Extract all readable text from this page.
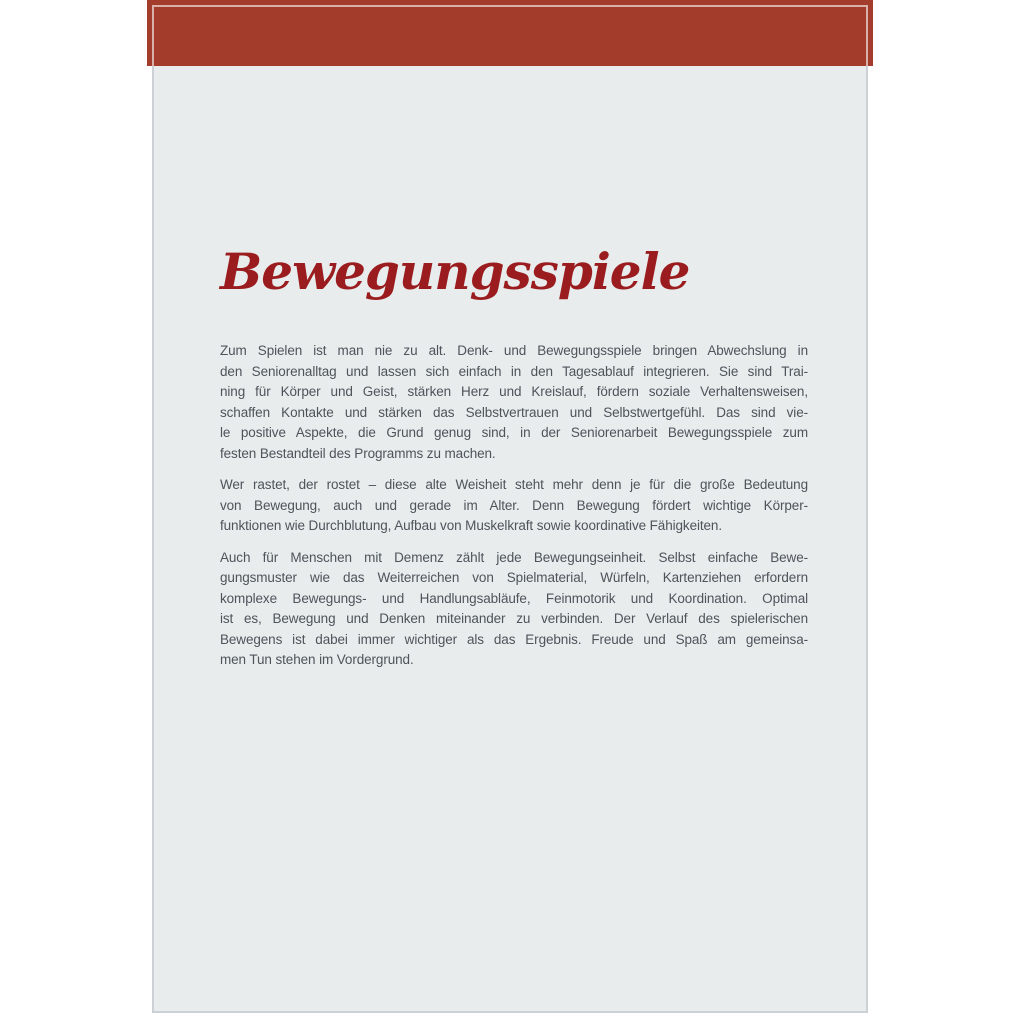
Bewegungsspiele

Zum Spielen ist man nie zu alt. Denk- und Bewegungsspiele bringen Abwechslung in
den Seniorenalltag und lassen sich einfach in den Tagesablauf integrieren. Sie sind Trai-
ning für Körper und Geist, stärken Herz und Kreislauf, fördern soziale Verhaltensweisen,
schaffen Kontakte und stärken das Selbstvertrauen und Selbstwertgefühl. Das sind vie-
le positive Aspekte, die Grund genug sind, in der Seniorenarbeit Bewegungsspiele zum
festen Bestandteil des Programms zu machen.

Wer rastet, der rostet – diese alte Weisheit steht mehr denn je für die große Bedeutung
von Bewegung, auch und gerade im Alter. Denn Bewegung fördert wichtige Körper-
funktionen wie Durchblutung, Aufbau von Muskelkraft sowie koordinative Fähigkeiten.

Auch für Menschen mit Demenz zählt jede Bewegungseinheit. Selbst einfache Bewe-
gungsmuster wie das Weiterreichen von Spielmaterial, Würfeln, Kartenziehen erfordern
komplexe Bewegungs- und Handlungsabläufe, Feinmotorik und Koordination. Optimal
ist es, Bewegung und Denken miteinander zu verbinden. Der Verlauf des spielerischen
Bewegens ist dabei immer wichtiger als das Ergebnis. Freude und Spaß am gemeinsa-
men Tun stehen im Vordergrund.
